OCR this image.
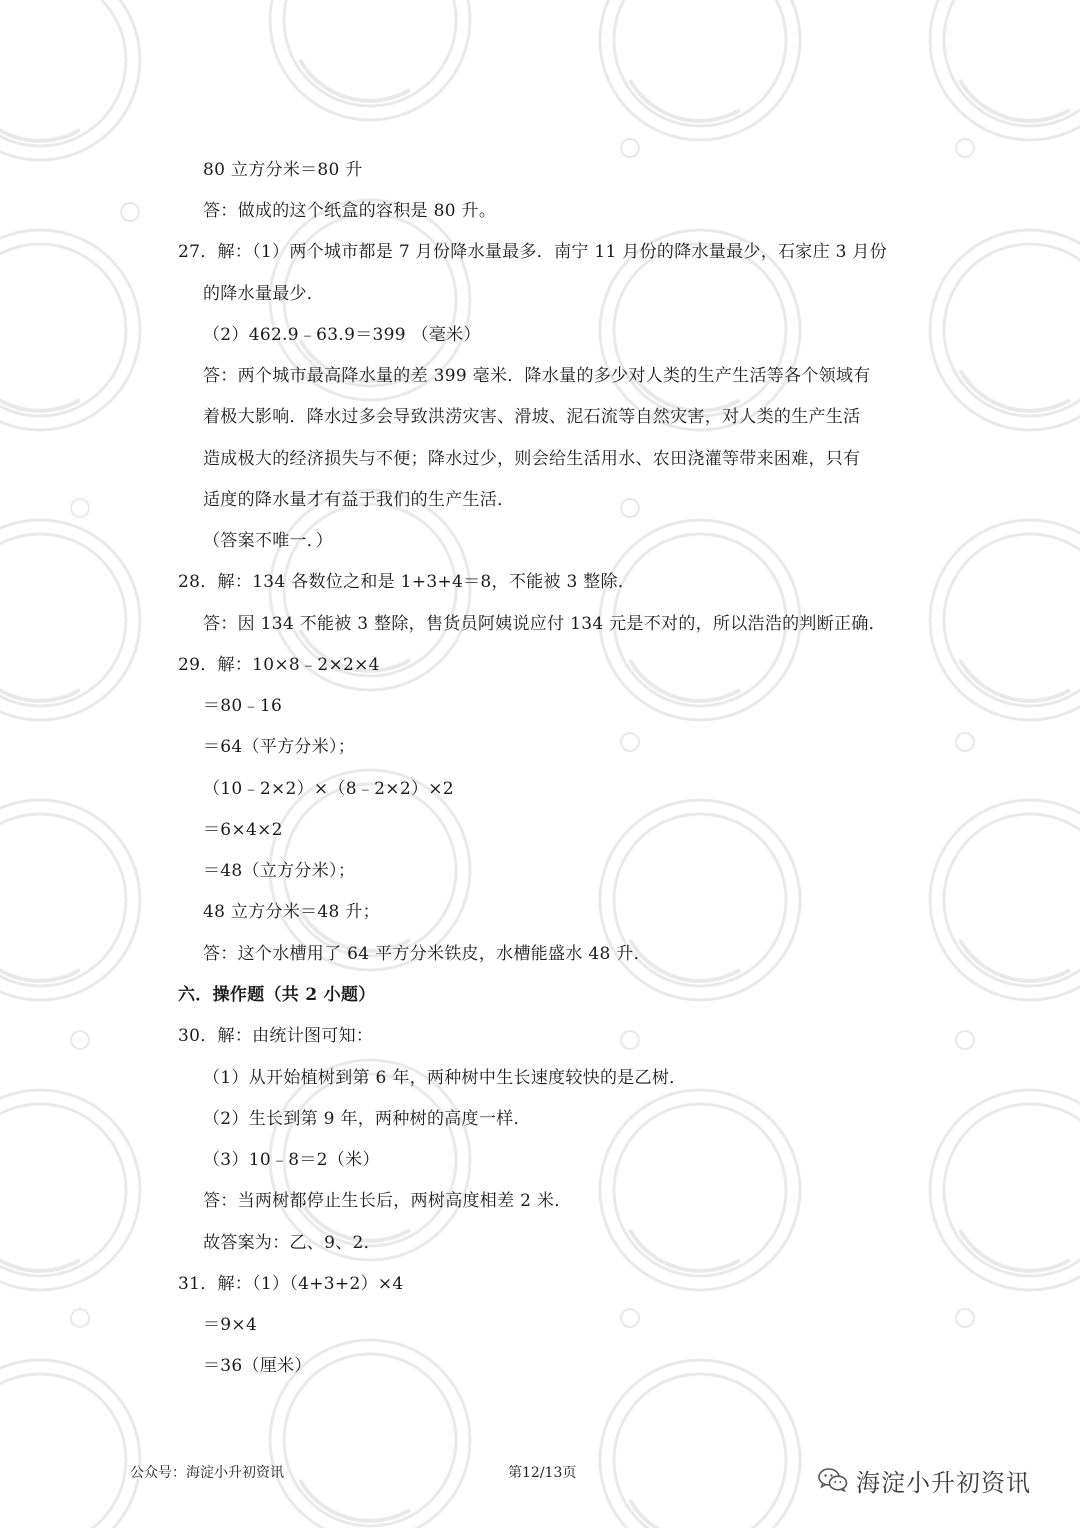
80 立方分米＝80 升
答：做成的这个纸盒的容积是 80 升。
27．解：（1）两个城市都是 7 月份降水量最多．南宁 11 月份的降水量最少，石家庄 3 月份
的降水量最少．
（2）462.9﹣63.9＝399 （毫米）
答：两个城市最高降水量的差 399 毫米．降水量的多少对人类的生产生活等各个领域有
着极大影响．降水过多会导致洪涝灾害、滑坡、泥石流等自然灾害，对人类的生产生活
造成极大的经济损失与不便；降水过少，则会给生活用水、农田浇灌等带来困难，只有
适度的降水量才有益于我们的生产生活．
（答案不唯一．）
28．解：134 各数位之和是 1+3+4＝8，不能被 3 整除．
答：因 134 不能被 3 整除，售货员阿姨说应付 134 元是不对的，所以浩浩的判断正确．
29．解：10×8﹣2×2×4
＝80﹣16
＝64（平方分米）；
（10﹣2×2）×（8﹣2×2）×2
＝6×4×2
＝48（立方分米）；
48 立方分米＝48 升；
答：这个水槽用了 64 平方分米铁皮，水槽能盛水 48 升．
六．操作题（共 2 小题）
30．解：由统计图可知：
（1）从开始植树到第 6 年，两种树中生长速度较快的是乙树．
（2）生长到第 9 年，两种树的高度一样．
（3）10﹣8＝2（米）
答：当两树都停止生长后，两树高度相差 2 米．
故答案为：乙、9、2．
31．解：（1）（4+3+2）×4
＝9×4
＝36（厘米）
公众号：海淀小升初资讯	第12/13页	海淀小升初资讯
